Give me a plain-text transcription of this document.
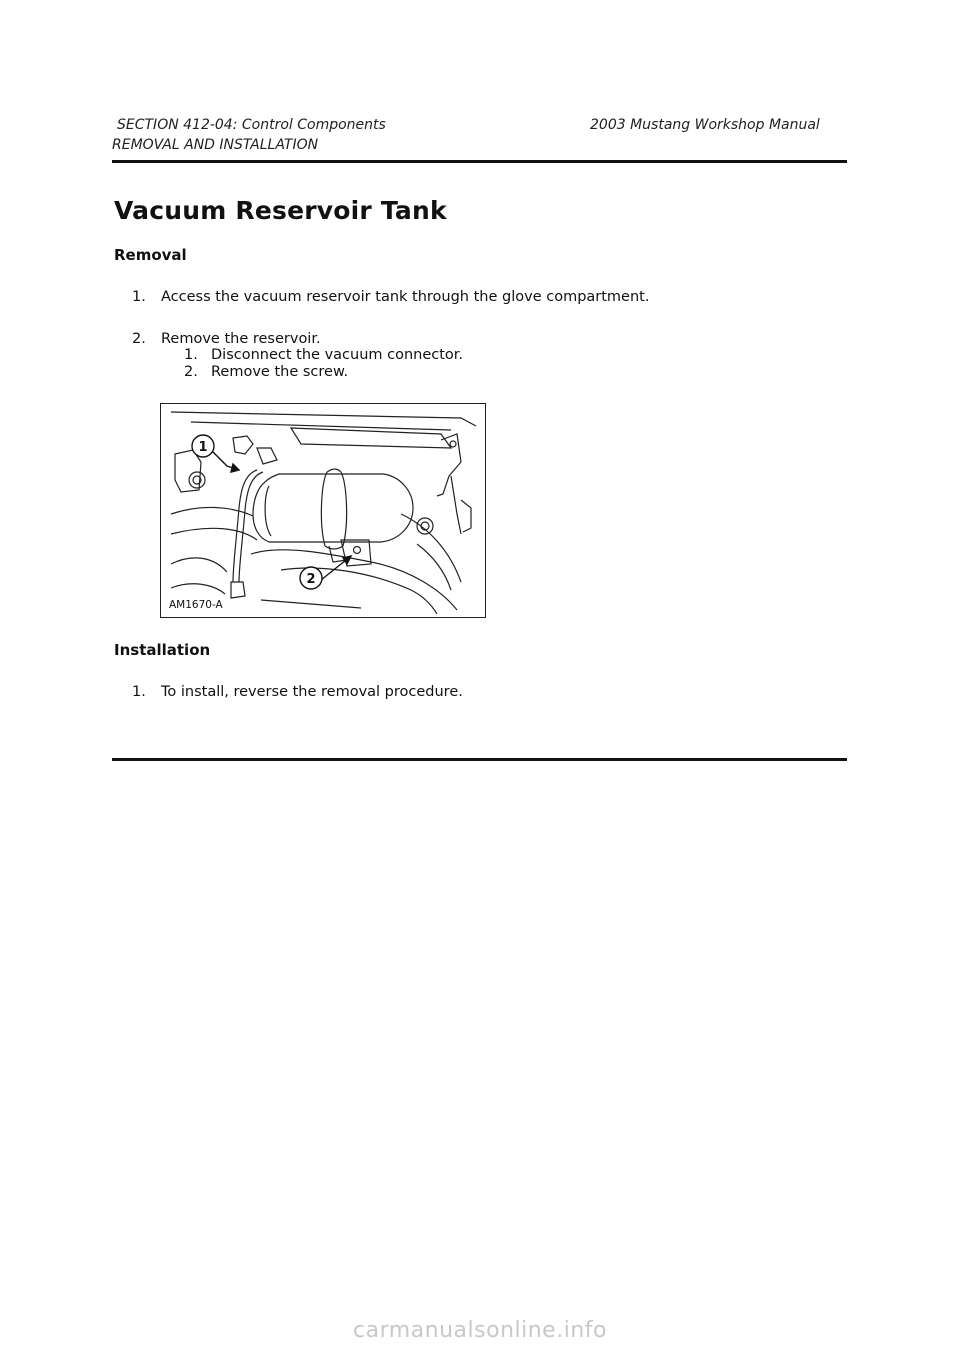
SECTION 412-04: Control Components	2003 Mustang Workshop Manual
REMOVAL AND INSTALLATION
Vacuum Reservoir Tank
Removal
1. Access the vacuum reservoir tank through the glove compartment.
2. Remove the reservoir.
1. Disconnect the vacuum connector.
2. Remove the screw.
1
2
AM1670-A
Installation
1. To install, reverse the removal procedure.
carmanualsonline.info
